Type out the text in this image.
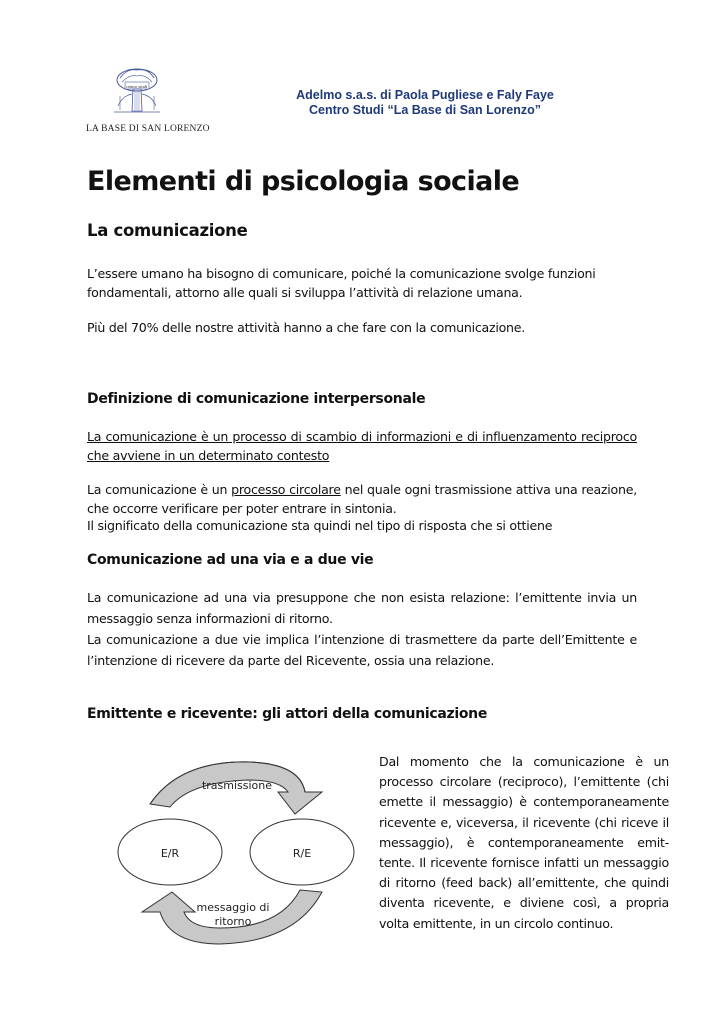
centro studi
LA BASE DI SAN LORENZO
Adelmo s.a.s. di Paola Pugliese e Faly Faye
Centro Studi “La Base di San Lorenzo”
Elementi di psicologia sociale
La comunicazione
L’essere umano ha bisogno di comunicare, poiché la comunicazione svolge funzioni fondamentali, attorno alle quali si sviluppa l’attività di relazione umana.
Più del 70% delle nostre attività hanno a che fare con la comunicazione.
Definizione di comunicazione interpersonale
La comunicazione è un processo di scambio di informazioni e di influenzamento reciproco che avviene in un determinato contesto
La comunicazione è un processo circolare nel quale ogni trasmissione attiva una reazione, che occorre verificare per poter entrare in sintonia.
Il significato della comunicazione sta quindi nel tipo di risposta che si ottiene
Comunicazione ad una via e a due vie
La comunicazione ad una via presuppone che non esista relazione: l’emittente invia un messaggio senza informazioni di ritorno.
La comunicazione a due vie implica l’intenzione di trasmettere da parte dell’Emittente e l’intenzione di ricevere da parte del Ricevente, ossia una relazione.
Emittente e ricevente: gli attori della comunicazione
E/R	R/E
trasmissione
messaggio di
ritorno
Dal momento che la comunicazione è un processo circolare (reciproco), l’emittente (chi emette il messaggio) è contemporaneamente ricevente e, viceversa, il ricevente (chi riceve il messaggio), è contemporaneamente emit-tente. Il ricevente fornisce infatti un messaggio di ritorno (feed back) all’emittente, che quindi diventa ricevente, e diviene così, a propria volta emittente, in un circolo continuo.
